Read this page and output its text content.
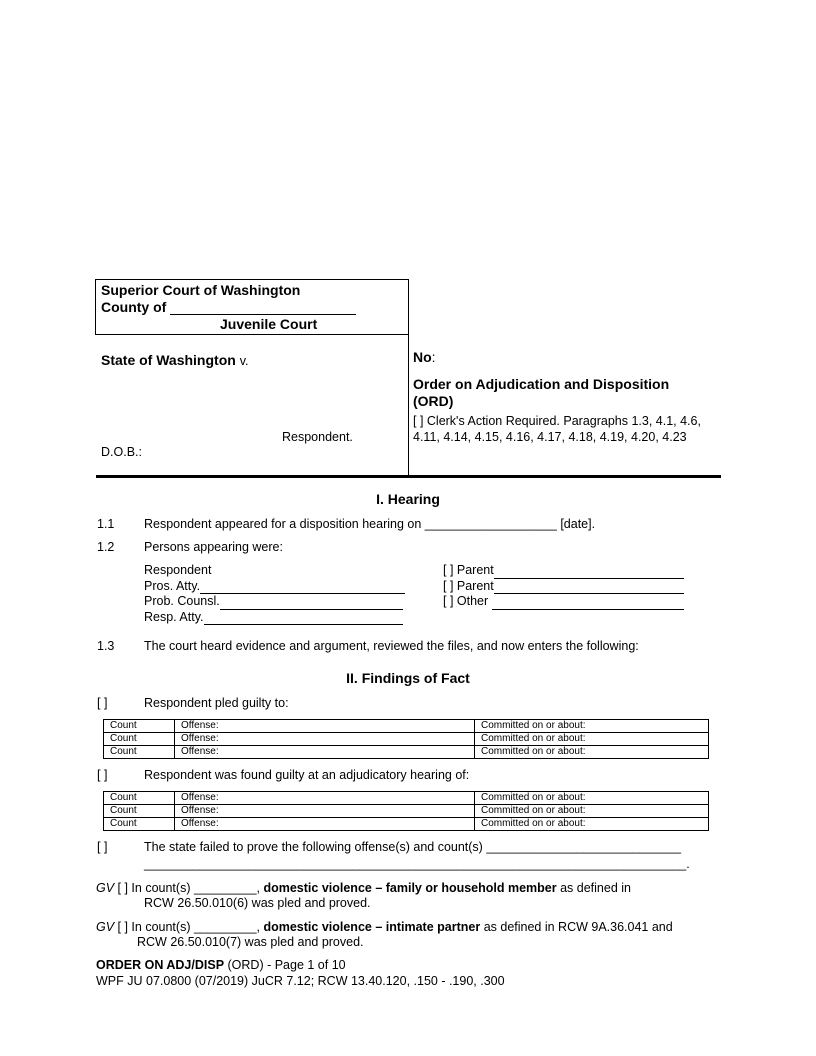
Superior Court of Washington
County of
Juvenile Court
State of Washington v.
Respondent.
D.O.B.:
No:
Order on Adjudication and Disposition (ORD)
[ ] Clerk's Action Required. Paragraphs 1.3, 4.1, 4.6, 4.11, 4.14, 4.15, 4.16, 4.17, 4.18, 4.19, 4.20, 4.23
I. Hearing
1.1 Respondent appeared for a disposition hearing on ___________________ [date].
1.2 Persons appearing were:
Respondent
Pros. Atty.
Prob. Counsl.
Resp. Atty.
[ ] Parent
[ ] Parent
[ ] Other
1.3 The court heard evidence and argument, reviewed the files, and now enters the following:
II. Findings of Fact
[ ]	Respondent pled guilty to:
Count	Offense:	Committed on or about:
Count	Offense:	Committed on or about:
Count	Offense:	Committed on or about:
[ ]	Respondent was found guilty at an adjudicatory hearing of:
Count	Offense:	Committed on or about:
Count	Offense:	Committed on or about:
Count	Offense:	Committed on or about:
[ ]	The state failed to prove the following offense(s) and count(s) ____________________________
______________________________________________________________________________.
GV [ ] In count(s) _________, domestic violence – family or household member as defined in
RCW 26.50.010(6) was pled and proved.
GV [ ] In count(s) _________, domestic violence – intimate partner as defined in RCW 9A.36.041 and
RCW 26.50.010(7) was pled and proved.
ORDER ON ADJ/DISP (ORD) - Page 1 of 10
WPF JU 07.0800 (07/2019) JuCR 7.12; RCW 13.40.120, .150 - .190, .300
